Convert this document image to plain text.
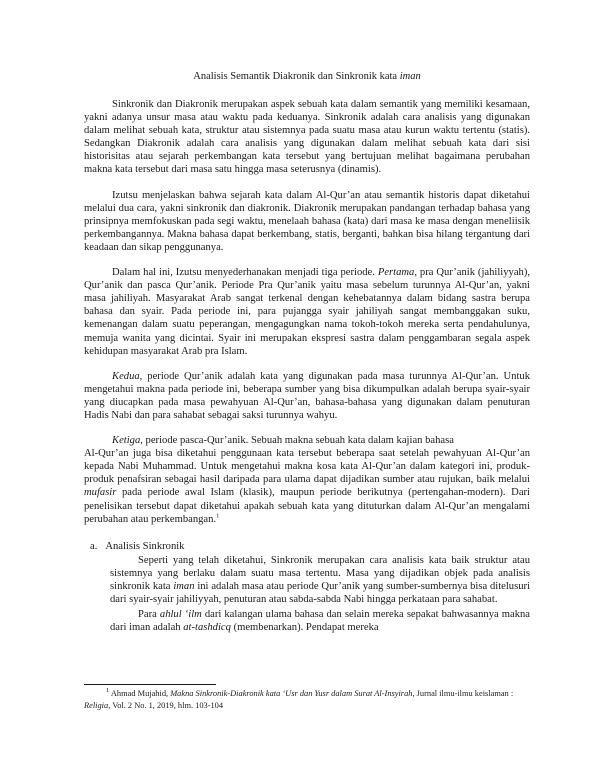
Analisis Semantik Diakronik dan Sinkronik kata iman

Sinkronik dan Diakronik merupakan aspek sebuah kata dalam semantik yang memiliki kesamaan, yakni adanya unsur masa atau waktu pada keduanya. Sinkronik adalah cara analisis yang digunakan dalam melihat sebuah kata, struktur atau sistemnya pada suatu masa atau kurun waktu tertentu (statis). Sedangkan Diakronik adalah cara analisis yang digunakan dalam melihat sebuah kata dari sisi historisitas atau sejarah perkembangan kata tersebut yang bertujuan melihat bagaimana perubahan makna kata tersebut dari masa satu hingga masa seterusnya (dinamis).

Izutsu menjelaskan bahwa sejarah kata dalam Al-Qur’an atau semantik historis dapat diketahui melalui dua cara, yakni sinkronik dan diakronik. Diakronik merupakan pandangan terhadap bahasa yang prinsipnya memfokuskan pada segi waktu, menelaah bahasa (kata) dari masa ke masa dengan meneliisik perkembangannya. Makna bahasa dapat berkembang, statis, berganti, bahkan bisa hilang tergantung dari keadaan dan sikap penggunanya.

Dalam hal ini, Izutsu menyederhanakan menjadi tiga periode. Pertama, pra Qur’anik (jahiliyyah), Qur’anik dan pasca Qur’anik. Periode Pra Qur’anik yaitu masa sebelum turunnya Al-Qur’an, yakni masa jahiliyah. Masyarakat Arab sangat terkenal dengan kehebatannya dalam bidang sastra berupa bahasa dan syair. Pada periode ini, para pujangga syair jahiliyah sangat membanggakan suku, kemenangan dalam suatu peperangan, mengagungkan nama tokoh-tokoh mereka serta pendahulunya, memuja wanita yang dicintai. Syair ini merupakan ekspresi sastra dalam penggambaran segala aspek kehidupan masyarakat Arab pra Islam.

Kedua, periode Qur’anik adalah kata yang digunakan pada masa turunnya Al-Qur’an. Untuk mengetahui makna pada periode ini, beberapa sumber yang bisa dikumpulkan adalah berupa syair-syair yang diucapkan pada masa pewahyuan Al-Qur’an, bahasa-bahasa yang digunakan dalam penuturan Hadis Nabi dan para sahabat sebagai saksi turunnya wahyu.

Ketiga, periode pasca-Qur’anik. Sebuah makna sebuah kata dalam kajian bahasa

Al-Qur’an juga bisa diketahui penggunaan kata tersebut beberapa saat setelah pewahyuan Al-Qur’an kepada Nabi Muhammad. Untuk mengetahui makna kosa kata Al-Qur’an dalam kategori ini, produk-produk penafsiran sebagai hasil daripada para ulama dapat dijadikan sumber atau rujukan, baik melalui mufasir pada periode awal Islam (klasik), maupun periode berikutnya (pertengahan-modern). Dari penelisikan tersebut dapat diketahui apakah sebuah kata yang dituturkan dalam Al-Qur’an mengalami perubahan atau perkembangan.$^1$

a. Analisis Sinkronik

Seperti yang telah diketahui, Sinkronik merupakan cara analisis kata baik struktur atau sistemnya yang berlaku dalam suatu masa tertentu. Masa yang dijadikan objek pada analisis sinkronik kata iman ini adalah masa atau periode Qur’anik yang sumber-sumbernya bisa ditelusuri dari syair-syair jahiliyyah, penuturan atau sabda-sabda Nabi hingga perkataan para sahabat.

Para ahlul ‘ilm dari kalangan ulama bahasa dan selain mereka sepakat bahwasannya makna dari iman adalah at-tashdicq (membenarkan). Pendapat mereka

$^1$ Ahmad Mujahid, Makna Sinkronik-Diakronik kata ‘Usr dan Yusr dalam Surat Al-Insyirah, Jurnal ilmu-ilmu keislaman : Religia, Vol. 2 No. 1, 2019, hlm. 103-104
